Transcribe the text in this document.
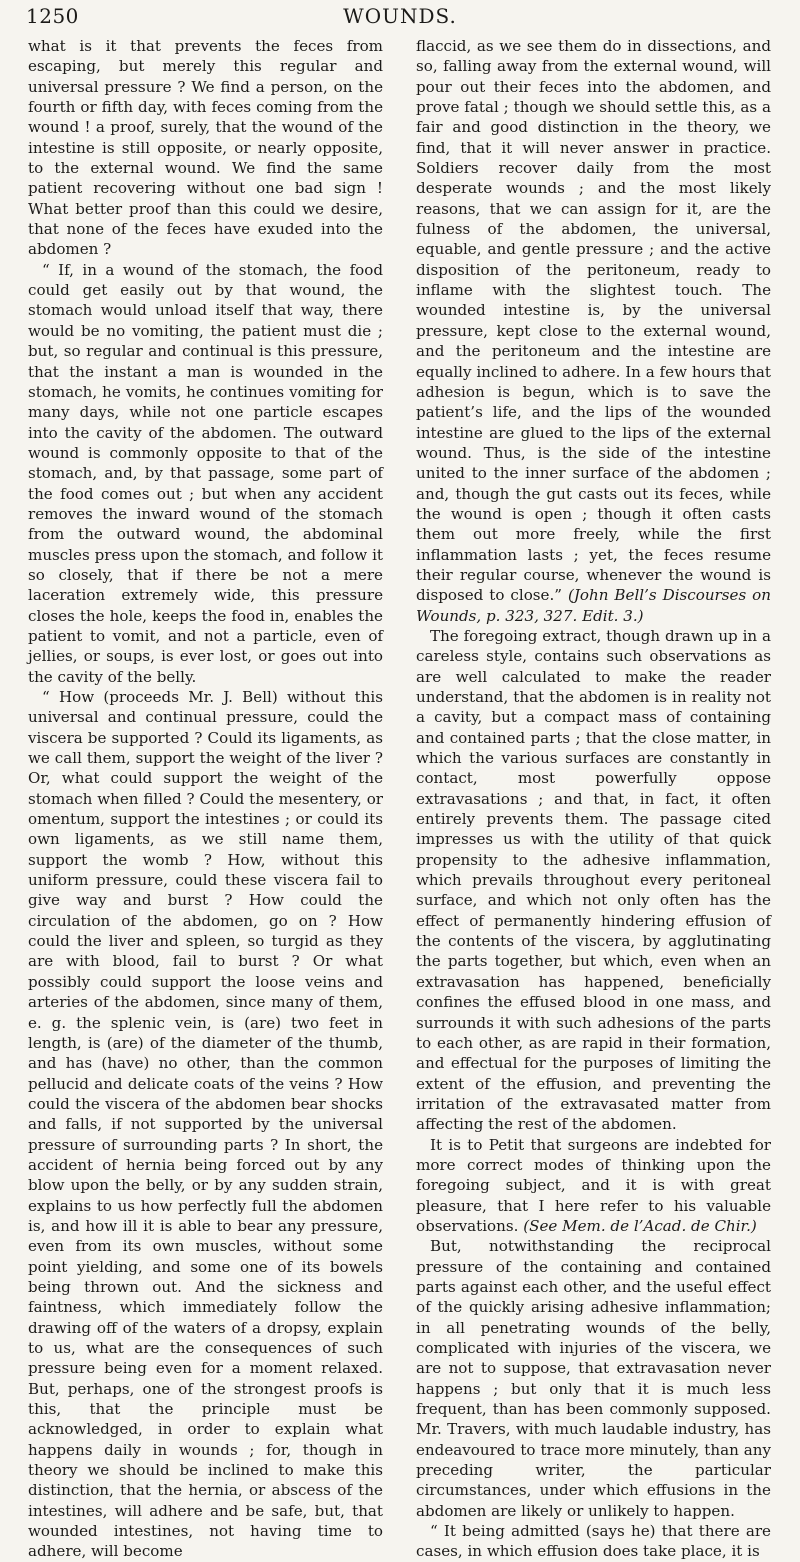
1250	WOUNDS.

what is it that prevents the feces from escaping, but merely this regular and universal pressure ? We find a person, on the fourth or fifth day, with feces coming from the wound ! a proof, surely, that the wound of the intestine is still opposite, or nearly opposite, to the external wound. We find the same patient recovering without one bad sign ! What better proof than this could we desire, that none of the feces have exuded into the abdomen ?

“ If, in a wound of the stomach, the food could get easily out by that wound, the stomach would unload itself that way, there would be no vomiting, the patient must die ; but, so regular and continual is this pressure, that the instant a man is wounded in the stomach, he vomits, he continues vomiting for many days, while not one particle escapes into the cavity of the abdomen. The outward wound is commonly opposite to that of the stomach, and, by that passage, some part of the food comes out ; but when any accident removes the inward wound of the stomach from the outward wound, the abdominal muscles press upon the stomach, and follow it so closely, that if there be not a mere laceration extremely wide, this pressure closes the hole, keeps the food in, enables the patient to vomit, and not a particle, even of jellies, or soups, is ever lost, or goes out into the cavity of the belly.

“ How (proceeds Mr. J. Bell) without this universal and continual pressure, could the viscera be supported ? Could its ligaments, as we call them, support the weight of the liver ? Or, what could support the weight of the stomach when filled ? Could the mesentery, or omentum, support the intestines ; or could its own ligaments, as we still name them, support the womb ? How, without this uniform pressure, could these viscera fail to give way and burst ? How could the circulation of the abdomen, go on ? How could the liver and spleen, so turgid as they are with blood, fail to burst ? Or what possibly could support the loose veins and arteries of the abdomen, since many of them, e. g. the splenic vein, is (are) two feet in length, is (are) of the diameter of the thumb, and has (have) no other, than the common pellucid and delicate coats of the veins ? How could the viscera of the abdomen bear shocks and falls, if not supported by the universal pressure of surrounding parts ? In short, the accident of hernia being forced out by any blow upon the belly, or by any sudden strain, explains to us how perfectly full the abdomen is, and how ill it is able to bear any pressure, even from its own muscles, without some point yielding, and some one of its bowels being thrown out. And the sickness and faintness, which immediately follow the drawing off of the waters of a dropsy, explain to us, what are the consequences of such pressure being even for a moment relaxed. But, perhaps, one of the strongest proofs is this, that the principle must be acknowledged, in order to explain what happens daily in wounds ; for, though in theory we should be inclined to make this distinction, that the hernia, or abscess of the intestines, will adhere and be safe, but, that wounded intestines, not having time to adhere, will become

flaccid, as we see them do in dissections, and so, falling away from the external wound, will pour out their feces into the abdomen, and prove fatal ; though we should settle this, as a fair and good distinction in the theory, we find, that it will never answer in practice. Soldiers recover daily from the most desperate wounds ; and the most likely reasons, that we can assign for it, are the fulness of the abdomen, the universal, equable, and gentle pressure ; and the active disposition of the peritoneum, ready to inflame with the slightest touch. The wounded intestine is, by the universal pressure, kept close to the external wound, and the peritoneum and the intestine are equally inclined to adhere. In a few hours that adhesion is begun, which is to save the patient’s life, and the lips of the wounded intestine are glued to the lips of the external wound. Thus, is the side of the intestine united to the inner surface of the abdomen ; and, though the gut casts out its feces, while the wound is open ; though it often casts them out more freely, while the first inflammation lasts ; yet, the feces resume their regular course, whenever the wound is disposed to close.” (John Bell’s Discourses on Wounds, p. 323, 327. Edit. 3.)

The foregoing extract, though drawn up in a careless style, contains such observations as are well calculated to make the reader understand, that the abdomen is in reality not a cavity, but a compact mass of containing and contained parts ; that the close matter, in which the various surfaces are constantly in contact, most powerfully oppose extravasations ; and that, in fact, it often entirely prevents them. The passage cited impresses us with the utility of that quick propensity to the adhesive inflammation, which prevails throughout every peritoneal surface, and which not only often has the effect of permanently hindering effusion of the contents of the viscera, by agglutinating the parts together, but which, even when an extravasation has happened, beneficially confines the effused blood in one mass, and surrounds it with such adhesions of the parts to each other, as are rapid in their formation, and effectual for the purposes of limiting the extent of the effusion, and preventing the irritation of the extravasated matter from affecting the rest of the abdomen.

It is to Petit that surgeons are indebted for more correct modes of thinking upon the foregoing subject, and it is with great pleasure, that I here refer to his valuable observations. (See Mem. de l’Acad. de Chir.)

But, notwithstanding the reciprocal pressure of the containing and contained parts against each other, and the useful effect of the quickly arising adhesive inflammation; in all penetrating wounds of the belly, complicated with injuries of the viscera, we are not to suppose, that extravasation never happens ; but only that it is much less frequent, than has been commonly supposed. Mr. Travers, with much laudable industry, has endeavoured to trace more minutely, than any preceding writer, the particular circumstances, under which effusions in the abdomen are likely or unlikely to happen.

“ It being admitted (says he) that there are cases, in which effusion does take place, it is
